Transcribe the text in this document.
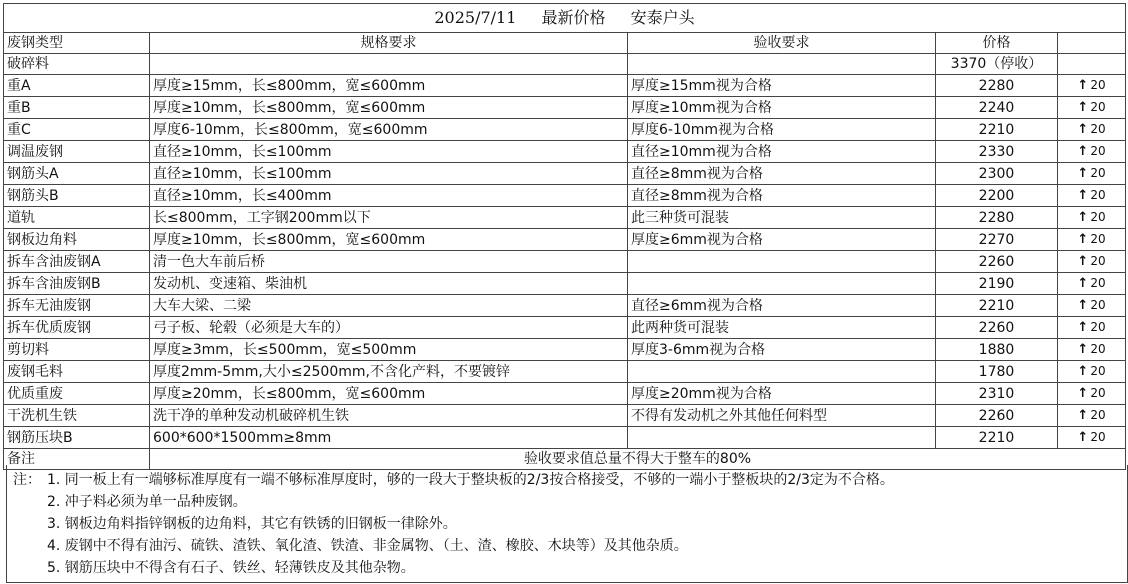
2025/7/11 最新价格 安泰户头				
废钢类型	规格要求	验收要求	价格	
破碎料			3370（停收）	
重A	厚度≥15mm，长≤800mm，宽≤600mm	厚度≥15mm视为合格	2280	↑ 20
重B	厚度≥10mm，长≤800mm，宽≤600mm	厚度≥10mm视为合格	2240	↑ 20
重C	厚度6-10mm，长≤800mm，宽≤600mm	厚度6-10mm视为合格	2210	↑ 20
调温废钢	直径≥10mm，长≤100mm	直径≥10mm视为合格	2330	↑ 20
钢筋头A	直径≥10mm，长≤100mm	直径≥8mm视为合格	2300	↑ 20
钢筋头B	直径≥10mm，长≤400mm	直径≥8mm视为合格	2200	↑ 20
道轨	长≤800mm，工字钢200mm以下	此三种货可混装	2280	↑ 20
钢板边角料	厚度≥10mm，长≤800mm，宽≤600mm	厚度≥6mm视为合格	2270	↑ 20
拆车含油废钢A	清一色大车前后桥		2260	↑ 20
拆车含油废钢B	发动机、变速箱、柴油机		2190	↑ 20
拆车无油废钢	大车大梁、二梁	直径≥6mm视为合格	2210	↑ 20
拆车优质废钢	弓子板、轮毂（必须是大车的）	此两种货可混装	2260	↑ 20
剪切料	厚度≥3mm，长≤500mm，宽≤500mm	厚度3-6mm视为合格	1880	↑ 20
废钢毛料	厚度2mm-5mm,大小≤2500mm,不含化产料，不要镀锌		1780	↑ 20
优质重废	厚度≥20mm，长≤800mm，宽≤600mm	厚度≥20mm视为合格	2310	↑ 20
干洗机生铁	洗干净的单种发动机破碎机生铁	不得有发动机之外其他任何料型	2260	↑ 20
钢筋压块B	600*600*1500mm≥8mm		2210	↑ 20
备注	验收要求值总量不得大于整车的80%			
注： 1. 同一板上有一端够标准厚度有一端不够标准厚度时，够的一段大于整块板的2/3按合格接受，不够的一端小于整板块的2/3定为不合格。
2. 冲子料必须为单一品种废钢。
3. 钢板边角料指锌钢板的边角料，其它有铁锈的旧钢板一律除外。
4. 废钢中不得有油污、硫铁、渣铁、氧化渣、铁渣、非金属物、（土、渣、橡胶、木块等）及其他杂质。
5. 钢筋压块中不得含有石子、铁丝、轻薄铁皮及其他杂物。
